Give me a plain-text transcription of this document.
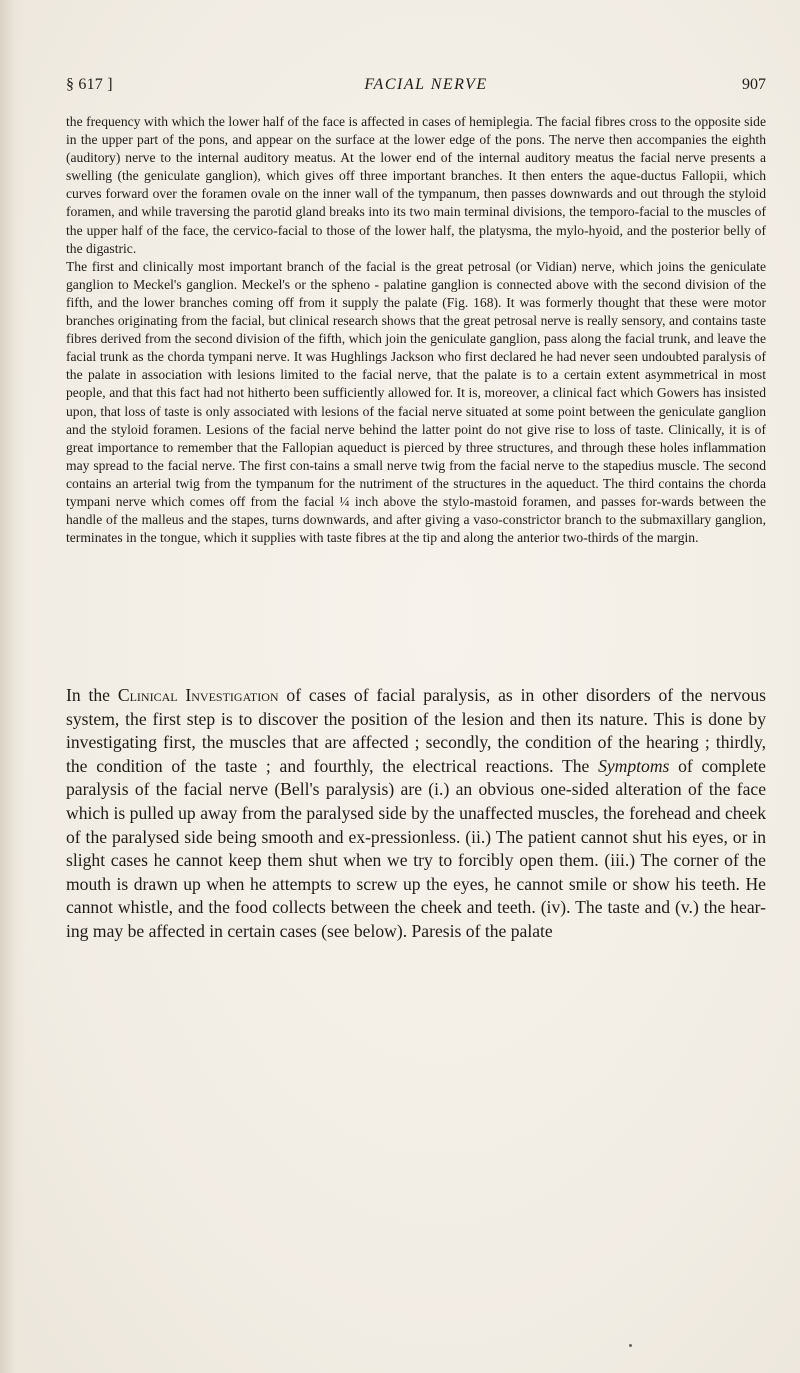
§ 617 ]	FACIAL NERVE	907

the frequency with which the lower half of the face is affected in cases of hemiplegia. The facial fibres cross to the opposite side in the upper part of the pons, and appear on the surface at the lower edge of the pons. The nerve then accompanies the eighth (auditory) nerve to the internal auditory meatus. At the lower end of the internal auditory meatus the facial nerve presents a swelling (the geniculate ganglion), which gives off three important branches. It then enters the aque-ductus Fallopii, which curves forward over the foramen ovale on the inner wall of the tympanum, then passes downwards and out through the styloid foramen, and while traversing the parotid gland breaks into its two main terminal divisions, the temporo-facial to the muscles of the upper half of the face, the cervico-facial to those of the lower half, the platysma, the mylo-hyoid, and the posterior belly of the digastric.

The first and clinically most important branch of the facial is the great petrosal (or Vidian) nerve, which joins the geniculate ganglion to Meckel's ganglion. Meckel's or the spheno - palatine ganglion is connected above with the second division of the fifth, and the lower branches coming off from it supply the palate (Fig. 168). It was formerly thought that these were motor branches originating from the facial, but clinical research shows that the great petrosal nerve is really sensory, and contains taste fibres derived from the second division of the fifth, which join the geniculate ganglion, pass along the facial trunk, and leave the facial trunk as the chorda tympani nerve. It was Hughlings Jackson who first declared he had never seen undoubted paralysis of the palate in association with lesions limited to the facial nerve, that the palate is to a certain extent asymmetrical in most people, and that this fact had not hitherto been sufficiently allowed for. It is, moreover, a clinical fact which Gowers has insisted upon, that loss of taste is only associated with lesions of the facial nerve situated at some point between the geniculate ganglion and the styloid foramen. Lesions of the facial nerve behind the latter point do not give rise to loss of taste. Clinically, it is of great importance to remember that the Fallopian aqueduct is pierced by three structures, and through these holes inflammation may spread to the facial nerve. The first con-tains a small nerve twig from the facial nerve to the stapedius muscle. The second contains an arterial twig from the tympanum for the nutriment of the structures in the aqueduct. The third contains the chorda tympani nerve which comes off from the facial ¼ inch above the stylo-mastoid foramen, and passes for-wards between the handle of the malleus and the stapes, turns downwards, and after giving a vaso-constrictor branch to the submaxillary ganglion, terminates in the tongue, which it supplies with taste fibres at the tip and along the anterior two-thirds of the margin.

In the Clinical Investigation of cases of facial paralysis, as in other disorders of the nervous system, the first step is to discover the position of the lesion and then its nature. This is done by investigating first, the muscles that are affected ; secondly, the condition of the hearing ; thirdly, the condition of the taste ; and fourthly, the electrical reactions. The Symptoms of complete paralysis of the facial nerve (Bell's paralysis) are (i.) an obvious one-sided alteration of the face which is pulled up away from the paralysed side by the unaffected muscles, the forehead and cheek of the paralysed side being smooth and ex-pressionless. (ii.) The patient cannot shut his eyes, or in slight cases he cannot keep them shut when we try to forcibly open them. (iii.) The corner of the mouth is drawn up when he attempts to screw up the eyes, he cannot smile or show his teeth. He cannot whistle, and the food collects between the cheek and teeth. (iv). The taste and (v.) the hear-ing may be affected in certain cases (see below). Paresis of the palate
